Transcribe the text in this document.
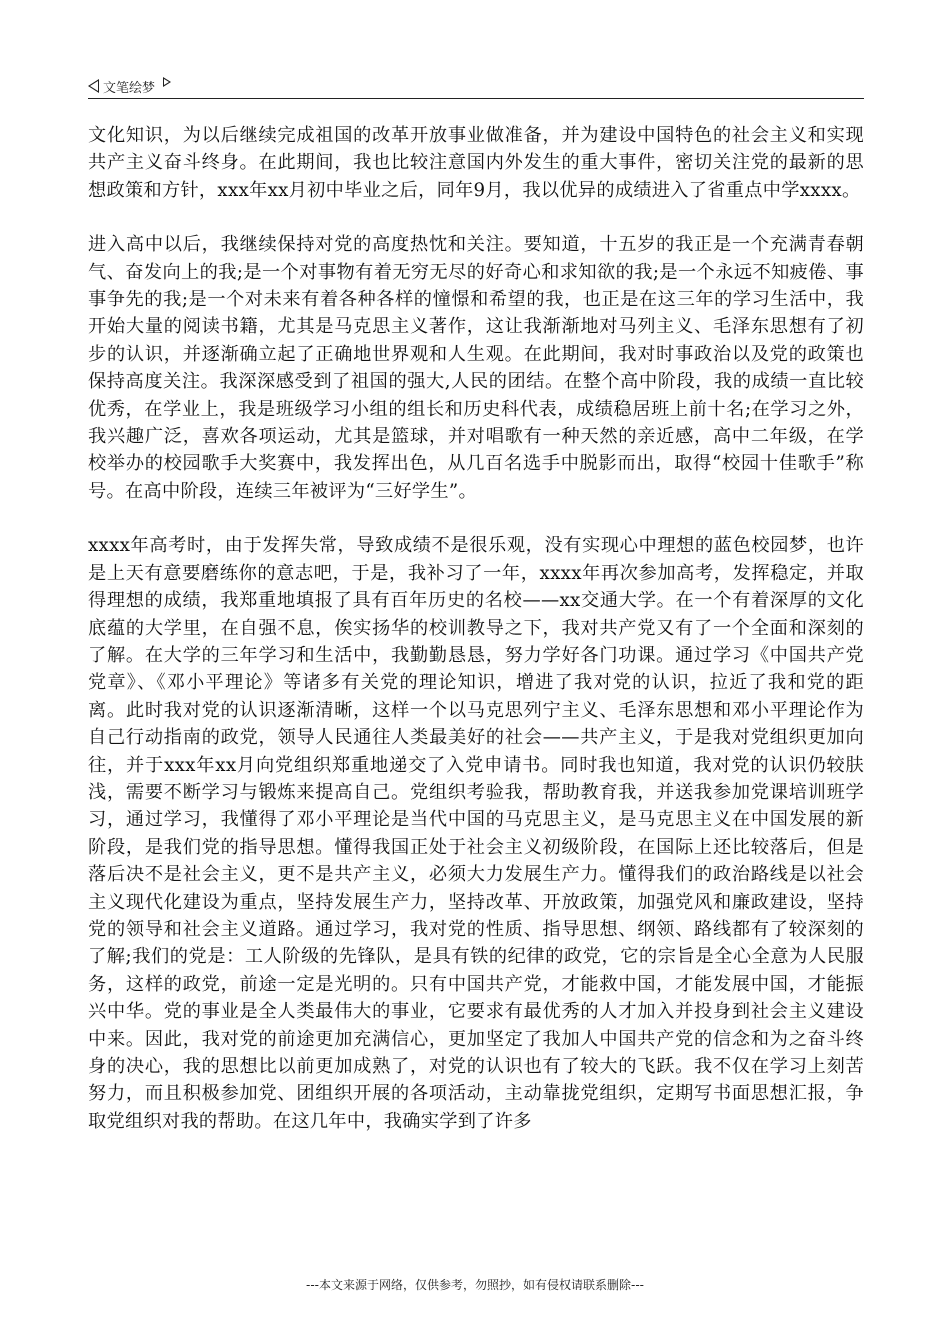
文笔绘梦

文化知识，为以后继续完成祖国的改革开放事业做准备，并为建设中国特色的社会主义和实现共产主义奋斗终身。在此期间，我也比较注意国内外发生的重大事件，密切关注党的最新的思想政策和方针，xxx年xx月初中毕业之后，同年9月，我以优异的成绩进入了省重点中学xxxx。

进入高中以后，我继续保持对党的高度热忱和关注。要知道，十五岁的我正是一个充满青春朝气、奋发向上的我;是一个对事物有着无穷无尽的好奇心和求知欲的我;是一个永远不知疲倦、事事争先的我;是一个对未来有着各种各样的憧憬和希望的我，也正是在这三年的学习生活中，我开始大量的阅读书籍，尤其是马克思主义著作，这让我渐渐地对马列主义、毛泽东思想有了初步的认识，并逐渐确立起了正确地世界观和人生观。在此期间，我对时事政治以及党的政策也保持高度关注。我深深感受到了祖国的强大,人民的团结。在整个高中阶段，我的成绩一直比较优秀，在学业上，我是班级学习小组的组长和历史科代表，成绩稳居班上前十名;在学习之外，我兴趣广泛，喜欢各项运动，尤其是篮球，并对唱歌有一种天然的亲近感，高中二年级，在学校举办的校园歌手大奖赛中，我发挥出色，从几百名选手中脱影而出，取得“校园十佳歌手”称号。在高中阶段，连续三年被评为“三好学生”。

xxxx年高考时，由于发挥失常，导致成绩不是很乐观，没有实现心中理想的蓝色校园梦，也许是上天有意要磨练你的意志吧，于是，我补习了一年，xxxx年再次参加高考，发挥稳定，并取得理想的成绩，我郑重地填报了具有百年历史的名校——xx交通大学。在一个有着深厚的文化底蕴的大学里，在自强不息，俟实扬华的校训教导之下，我对共产党又有了一个全面和深刻的了解。在大学的三年学习和生活中，我勤勤恳恳，努力学好各门功课。通过学习《中国共产党党章》、《邓小平理论》等诸多有关党的理论知识，增进了我对党的认识，拉近了我和党的距离。此时我对党的认识逐渐清晰，这样一个以马克思列宁主义、毛泽东思想和邓小平理论作为自己行动指南的政党，领导人民通往人类最美好的社会——共产主义，于是我对党组织更加向往，并于xxx年xx月向党组织郑重地递交了入党申请书。同时我也知道，我对党的认识仍较肤浅，需要不断学习与锻炼来提高自己。党组织考验我，帮助教育我，并送我参加党课培训班学习，通过学习，我懂得了邓小平理论是当代中国的马克思主义，是马克思主义在中国发展的新阶段，是我们党的指导思想。懂得我国正处于社会主义初级阶段，在国际上还比较落后，但是落后决不是社会主义，更不是共产主义，必须大力发展生产力。懂得我们的政治路线是以社会主义现代化建设为重点，坚持发展生产力，坚持改革、开放政策，加强党风和廉政建设，坚持党的领导和社会主义道路。通过学习，我对党的性质、指导思想、纲领、路线都有了较深刻的了解;我们的党是：工人阶级的先锋队，是具有铁的纪律的政党，它的宗旨是全心全意为人民服务，这样的政党，前途一定是光明的。只有中国共产党，才能救中国，才能发展中国，才能振兴中华。党的事业是全人类最伟大的事业，它要求有最优秀的人才加入并投身到社会主义建设中来。因此，我对党的前途更加充满信心，更加坚定了我加人中国共产党的信念和为之奋斗终身的决心，我的思想比以前更加成熟了，对党的认识也有了较大的飞跃。我不仅在学习上刻苦努力，而且积极参加党、团组织开展的各项活动，主动靠拢党组织，定期写书面思想汇报，争取党组织对我的帮助。在这几年中，我确实学到了许多

---本文来源于网络，仅供参考，勿照抄，如有侵权请联系删除---
